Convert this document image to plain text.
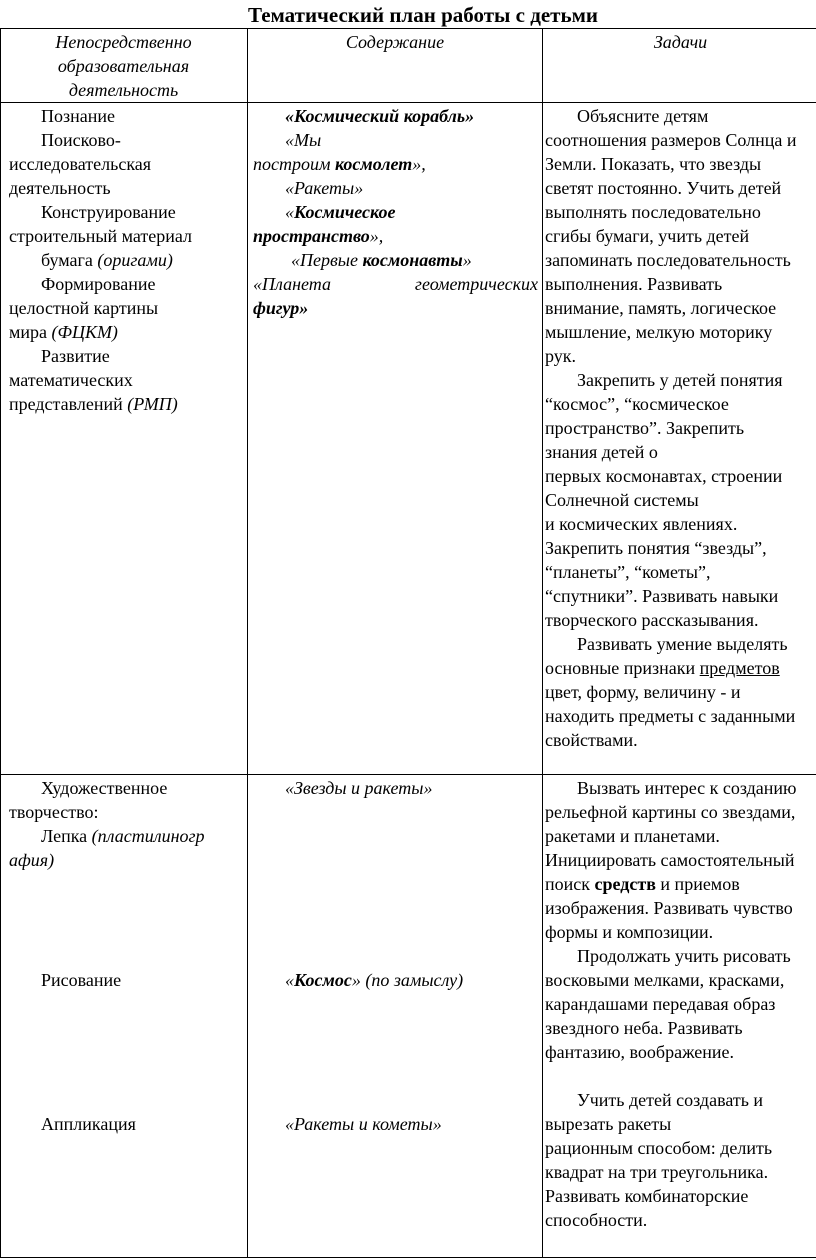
Тематический план работы с детьми
Непосредственно
образовательная
деятельность
Содержание	Задачи
Познание
Поисково-
исследовательская
деятельность
Конструирование
строительный материал
бумага (оригами)
Формирование
целостной картины
мира (ФЦКМ)
Развитие
математических
представлений (РМП)
«Космический корабль»
«Мы
построим космолет»,
«Ракеты»
«Космическое
пространство»,
«Первые космонавты»
«Планета	геометрических
фигур»
Объясните детям
соотношения размеров Солнца и
Земли. Показать, что звезды
светят постоянно. Учить детей
выполнять последовательно
сгибы бумаги, учить детей
запоминать последовательность
выполнения. Развивать
внимание, память, логическое
мышление, мелкую моторику
рук.
Закрепить у детей понятия
“космос”, “космическое
пространство”. Закрепить
знания детей о
первых космонавтах, строении
Солнечной системы
и космических явлениях.
Закрепить понятия “звезды”,
“планеты”, “кометы”,
“спутники”. Развивать навыки
творческого рассказывания.
Развивать умение выделять
основные признаки предметов
цвет, форму, величину - и
находить предметы с заданными
свойствами.
Художественное
творчество:
Лепка (пластилиногр
афия)
Рисование
Аппликация
«Звезды и ракеты»
«Космос» (по замыслу)
«Ракеты и кометы»
Вызвать интерес к созданию
рельефной картины со звездами,
ракетами и планетами.
Инициировать самостоятельный
поиск средств и приемов
изображения. Развивать чувство
формы и композиции.
Продолжать учить рисовать
восковыми мелками, красками,
карандашами передавая образ
звездного неба. Развивать
фантазию, воображение.
Учить детей создавать и
вырезать ракеты
рационным способом: делить
квадрат на три треугольника.
Развивать комбинаторские
способности.
